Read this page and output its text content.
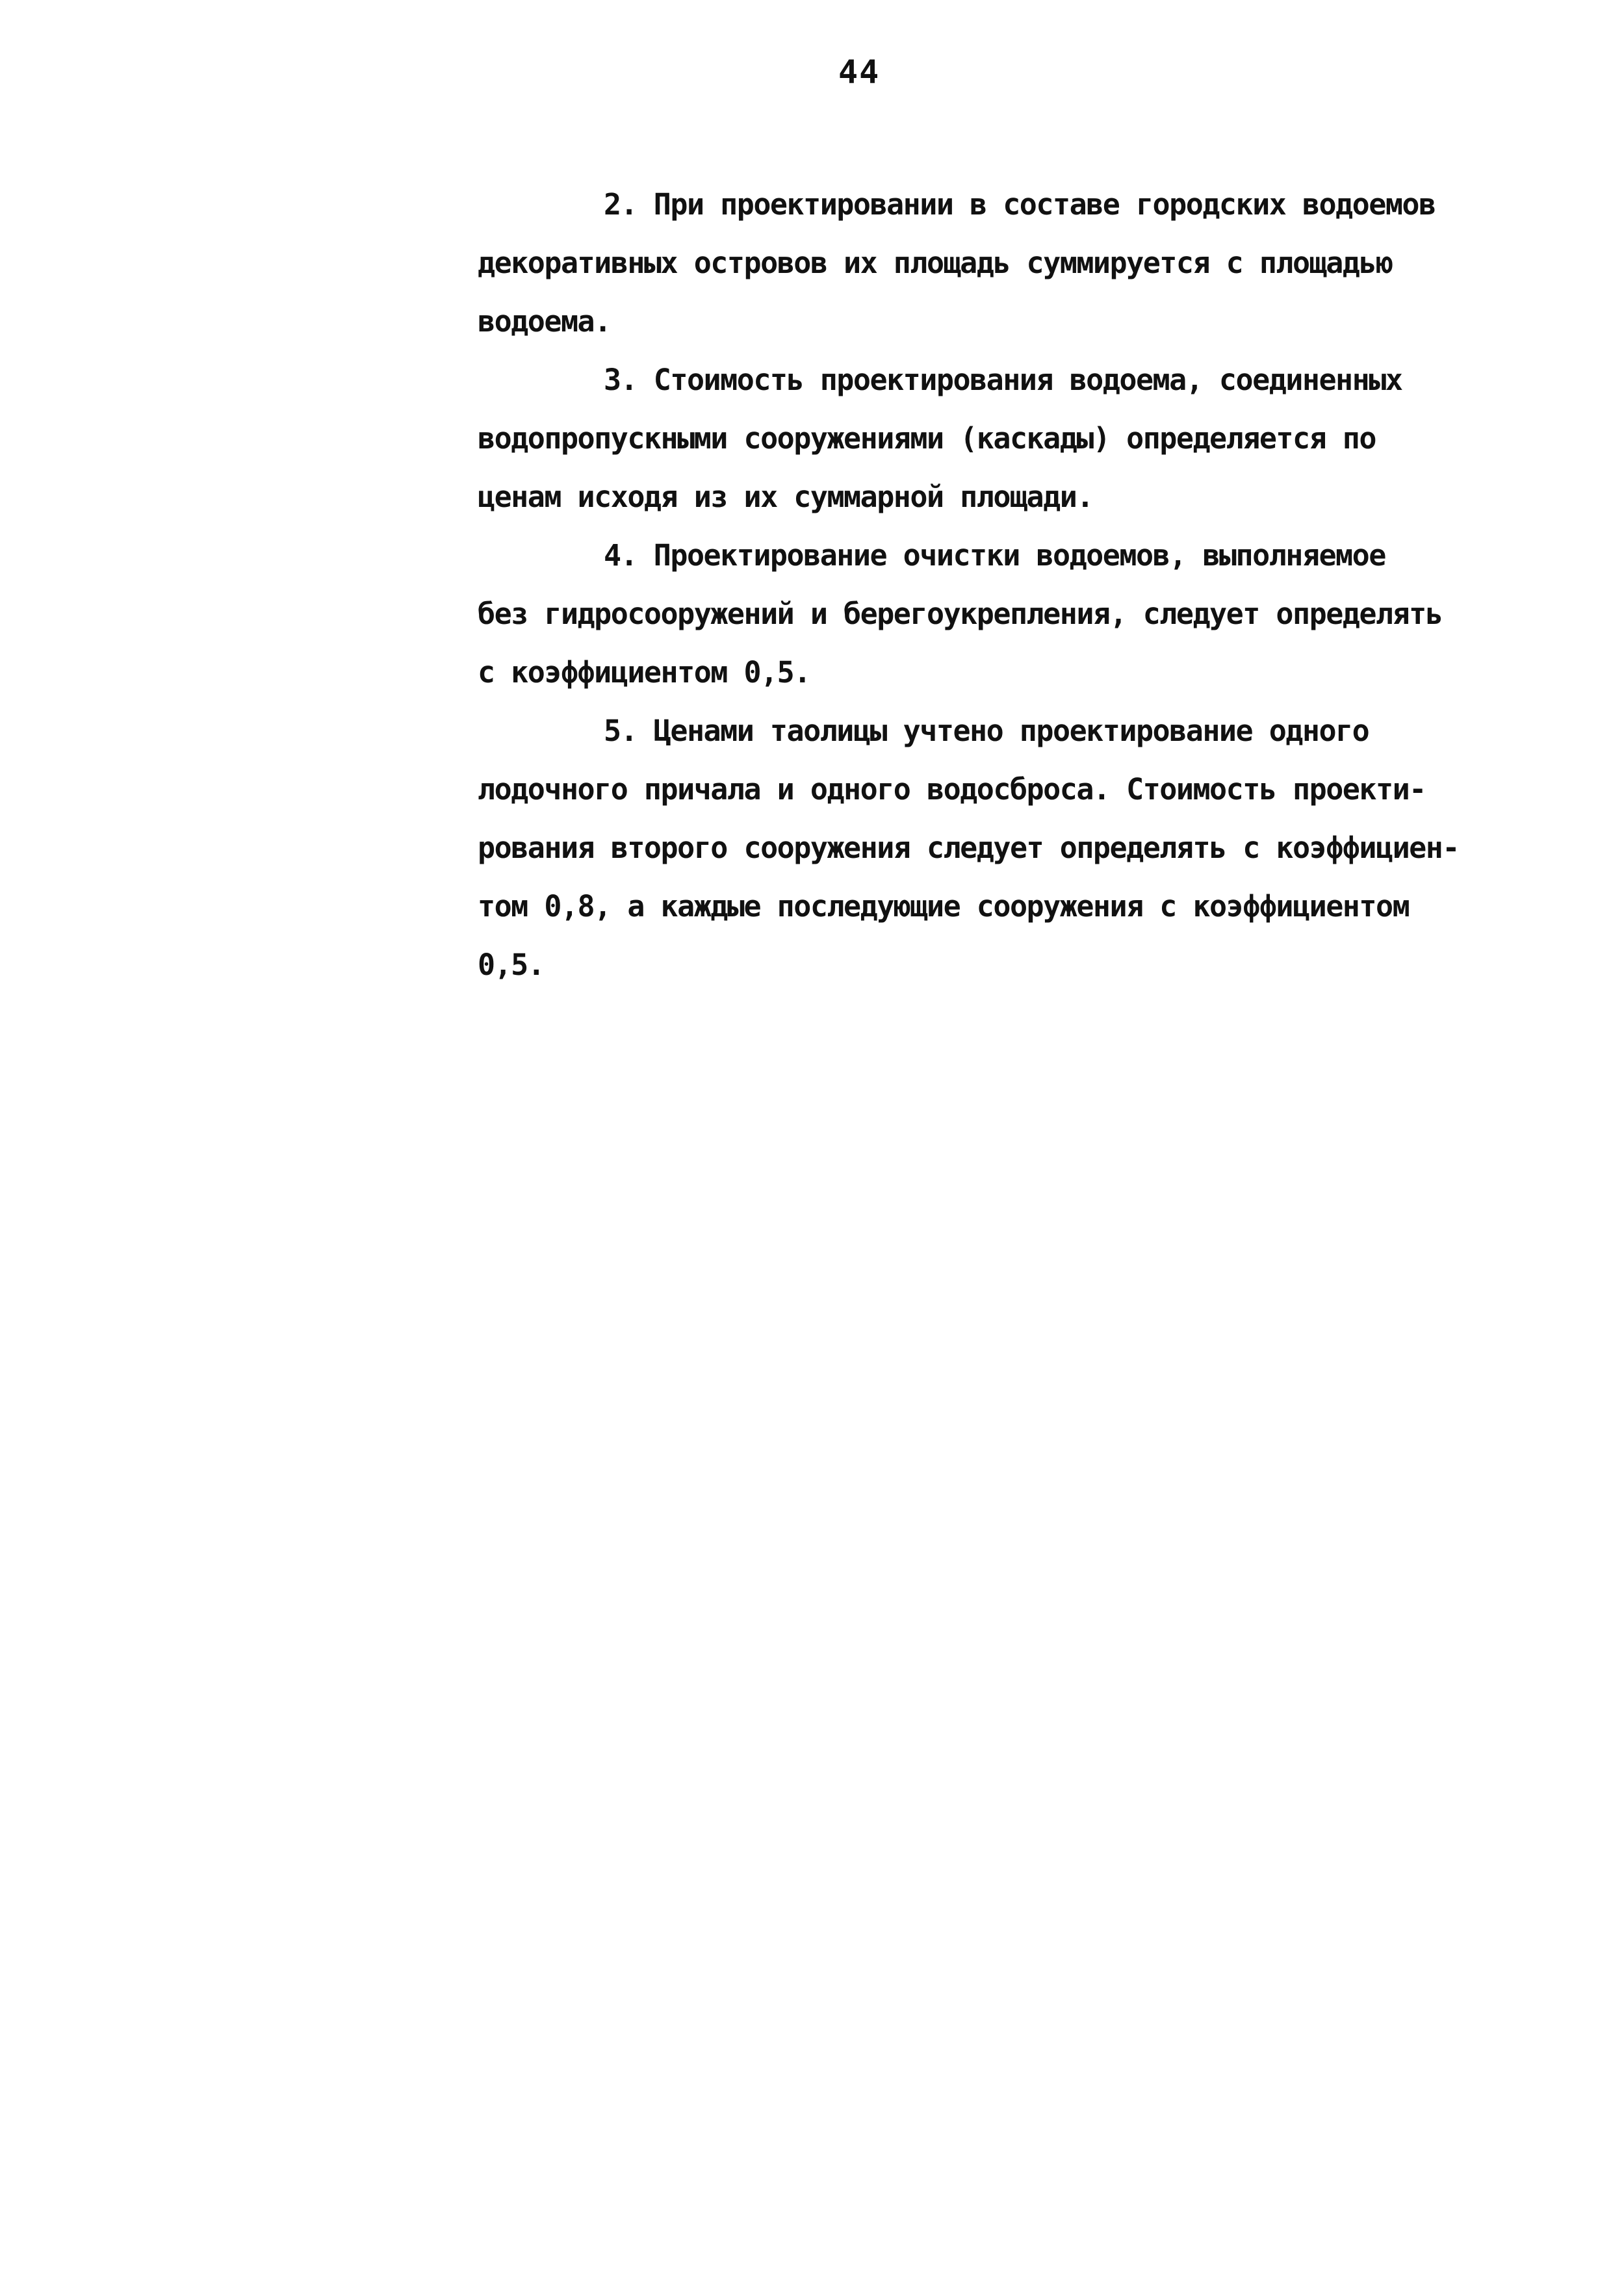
44
2. При проектировании в составе городских водоемов
декоративных островов их площадь суммируется с площадью
водоема.
3. Стоимость проектирования водоема, соединенных
водопропускными сооружениями (каскады) определяется по
ценам исходя из их суммарной площади.
4. Проектирование очистки водоемов, выполняемое
без гидросооружений и берегоукрепления, следует определять
с коэффициентом 0,5.
5. Ценами таолицы учтено проектирование одного
лодочного причала и одного водосброса. Стоимость проекти-
рования второго сооружения следует определять с коэффициен-
том 0,8, а каждые последующие сооружения с коэффициентом
0,5.
